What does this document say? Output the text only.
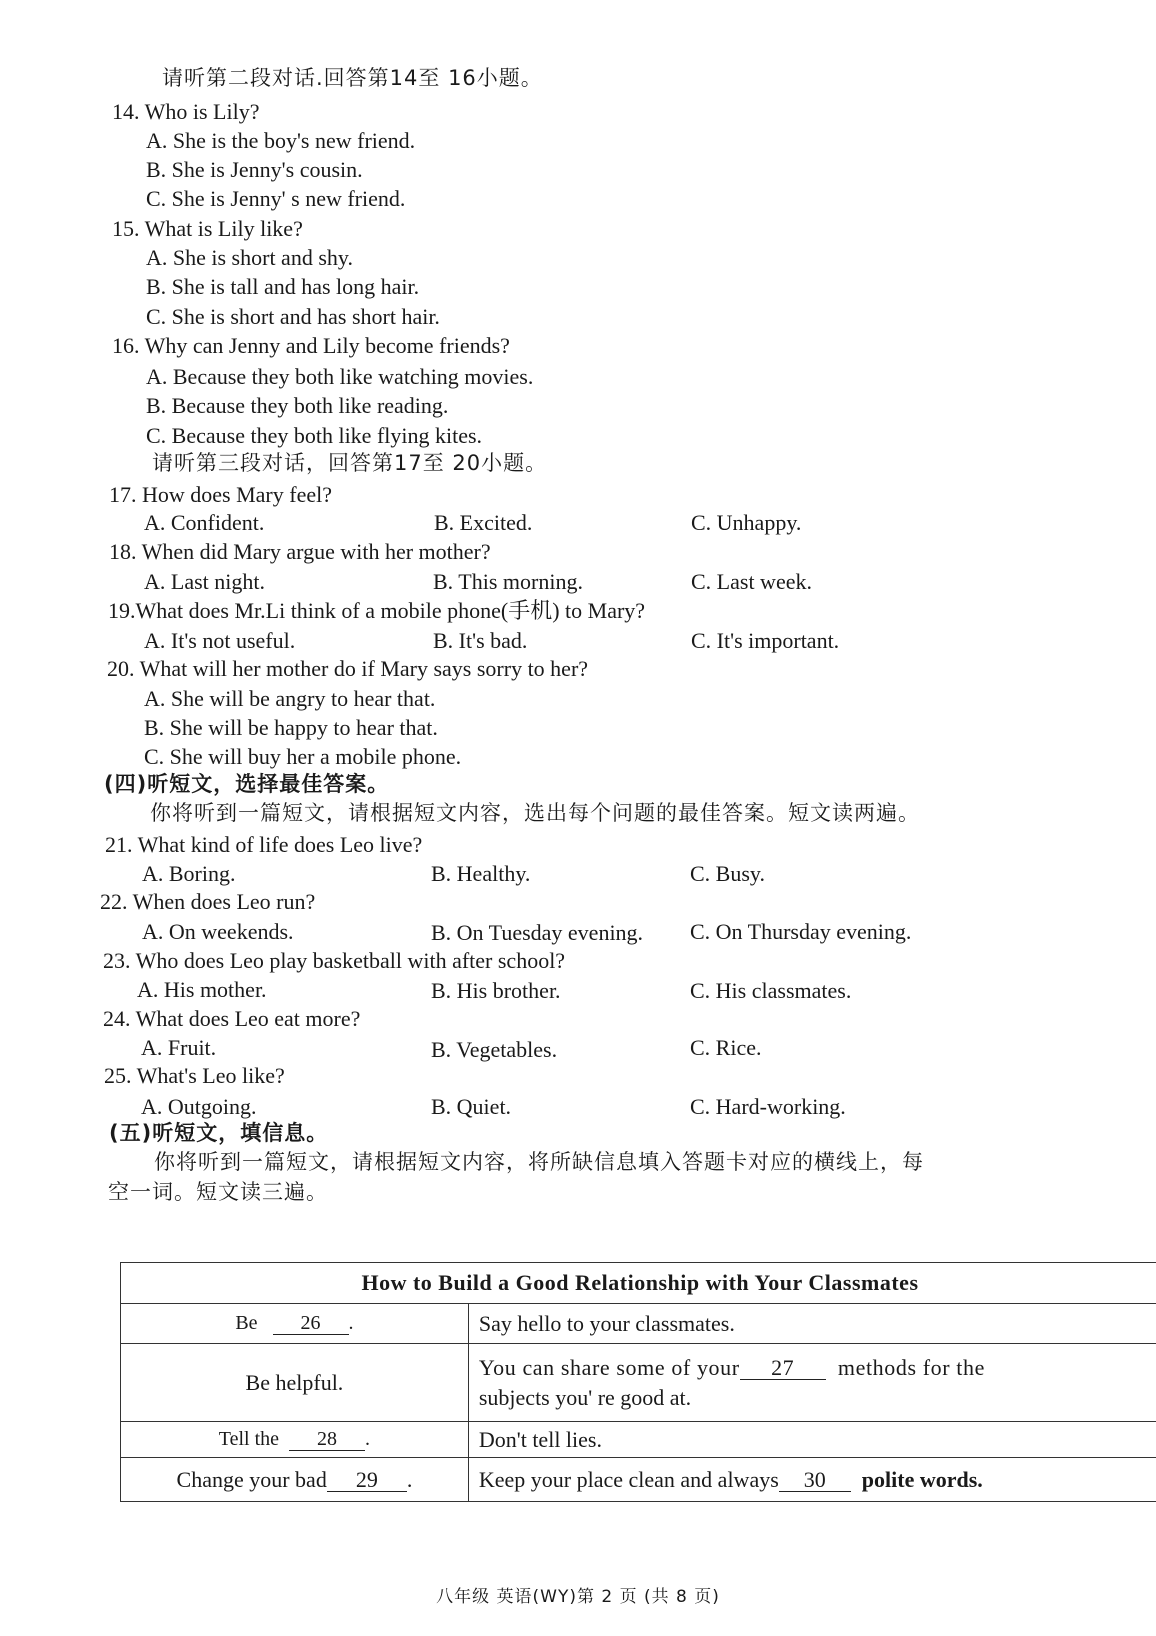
请听第二段对话.回答第14至 16小题。
14. Who is Lily?
A. She is the boy's new friend.
B. She is Jenny's cousin.
C. She is Jenny' s new friend.
15. What is Lily like?
A. She is short and shy.
B. She is tall and has long hair.
C. She is short and has short hair.
16. Why can Jenny and Lily become friends?
A. Because they both like watching movies.
B. Because they both like reading.
C. Because they both like flying kites.
请听第三段对话，回答第17至 20小题。
17. How does Mary feel?
A. Confident.	B. Excited.	C. Unhappy.
18. When did Mary argue with her mother?
A. Last night.	B. This morning.	C. Last week.
19.What does Mr.Li think of a mobile phone(手机) to Mary?
A. It's not useful.	B. It's bad.	C. It's important.
20. What will her mother do if Mary says sorry to her?
A. She will be angry to hear that.
B. She will be happy to hear that.
C. She will buy her a mobile phone.
(四)听短文，选择最佳答案。
你将听到一篇短文，请根据短文内容，选出每个问题的最佳答案。短文读两遍。
21. What kind of life does Leo live?
A. Boring.	B. Healthy.	C. Busy.
22. When does Leo run?
A. On weekends.	B. On Tuesday evening. C. On Thursday evening.
23. Who does Leo play basketball with after school?
A. His mother.	B. His brother.	C. His classmates.
24. What does Leo eat more?
A. Fruit.	B. Vegetables.	C. Rice.
25. What's Leo like?
A. Outgoing.	B. Quiet.	C. Hard-working.
(五)听短文，填信息。
你将听到一篇短文，请根据短文内容，将所缺信息填入答题卡对应的横线上，每
空一词。短文读三遍。
How to Build a Good Relationship with Your Classmates	
Be 26 .	Say hello to your classmates.
Be helpful.	You can share some of your 27 methods for the
subjects you' re good at.

Tell the 28 .	Don't tell lies.
Change your bad 29 .	Keep your place clean and always 30 polite words.
八年级 英语(WY)第 2 页 (共 8 页)
